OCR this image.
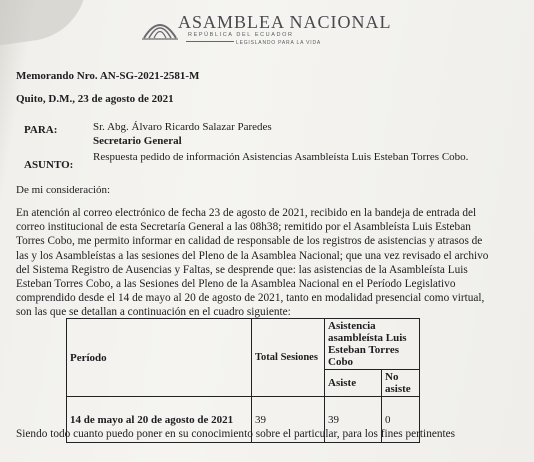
ASAMBLEA NACIONAL
REPÚBLICA DEL ECUADOR
LEGISLANDO PARA LA VIDA
Memorando Nro. AN-SG-2021-2581-M
Quito, D.M., 23 de agosto de 2021
PARA:	Sr. Abg. Álvaro Ricardo Salazar Paredes
Secretario General
ASUNTO:
Respuesta pedido de información Asistencias Asambleísta Luis Esteban Torres Cobo.
De mi consideración:
En atención al correo electrónico de fecha 23 de agosto de 2021, recibido en la bandeja de entrada del
correo institucional de esta Secretaría General a las 08h38; remitido por el Asambleísta Luis Esteban
Torres Cobo, me permito informar en calidad de responsable de los registros de asistencias y atrasos de
las y los Asambleístas a las sesiones del Pleno de la Asamblea Nacional; que una vez revisado el archivo
del Sistema Registro de Ausencias y Faltas, se desprende que: las asistencias de la Asambleísta Luis
Esteban Torres Cobo, a las Sesiones del Pleno de la Asamblea Nacional en el Período Legislativo
comprendido desde el 14 de mayo al 20 de agosto de 2021, tanto en modalidad presencial como virtual,
son las que se detallan a continuación en el cuadro siguiente:
Período	Total Sesiones	Asistencia asambleísta Luis Esteban Torres Cobo	
		Asiste	No asiste
14 de mayo al 20 de agosto de 2021	39	39	0
Siendo todo cuanto puedo poner en su conocimiento sobre el particular, para los fines pertinentes
